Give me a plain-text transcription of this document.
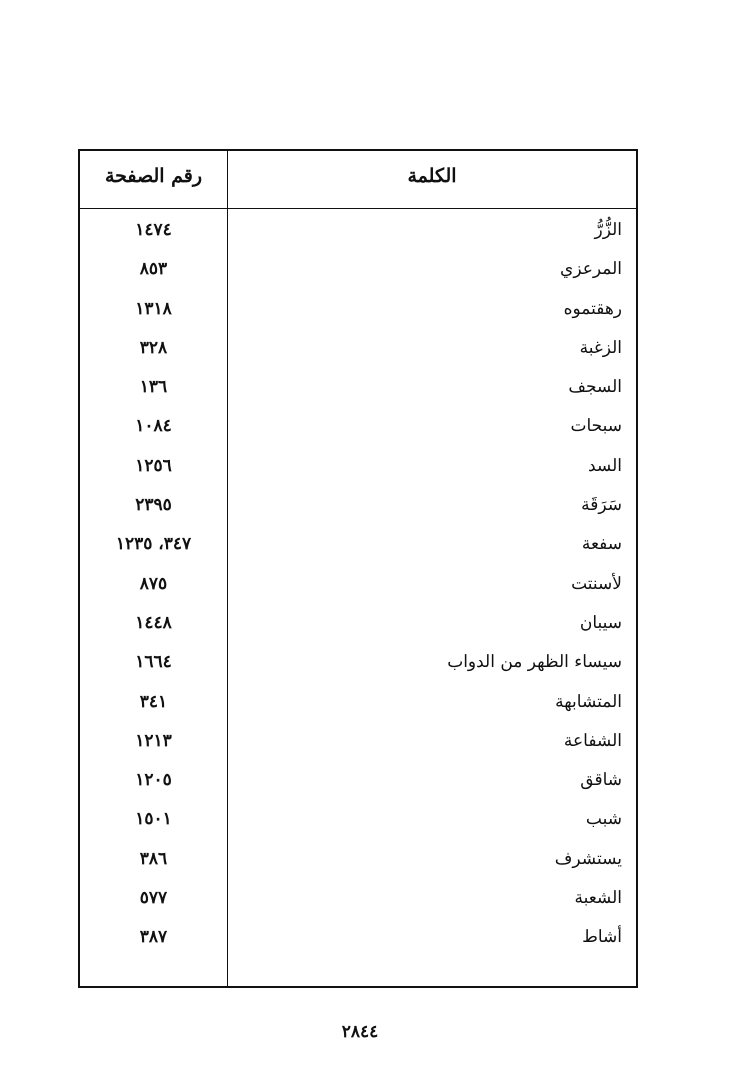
رقم الصفحة	الكلمة
١٤٧٤	الزُّرُّ
٨٥٣	المرعزي
١٣١٨	رهقتموه
٣٢٨	الزغبة
١٣٦	السجف
١٠٨٤	سبحات
١٢٥٦	السد
٢٣٩٥	سَرَقَة
٣٤٧، ١٢٣٥	سفعة
٨٧٥	لأسنتت
١٤٤٨	سيبان
١٦٦٤	سيساء الظهر من الدواب
٣٤١	المتشابهة
١٢١٣	الشفاعة
١٢٠٥	شاقق
١٥٠١	شبب
٣٨٦	يستشرف
٥٧٧	الشعبة
٣٨٧	أشاط
٢٨٤٤
